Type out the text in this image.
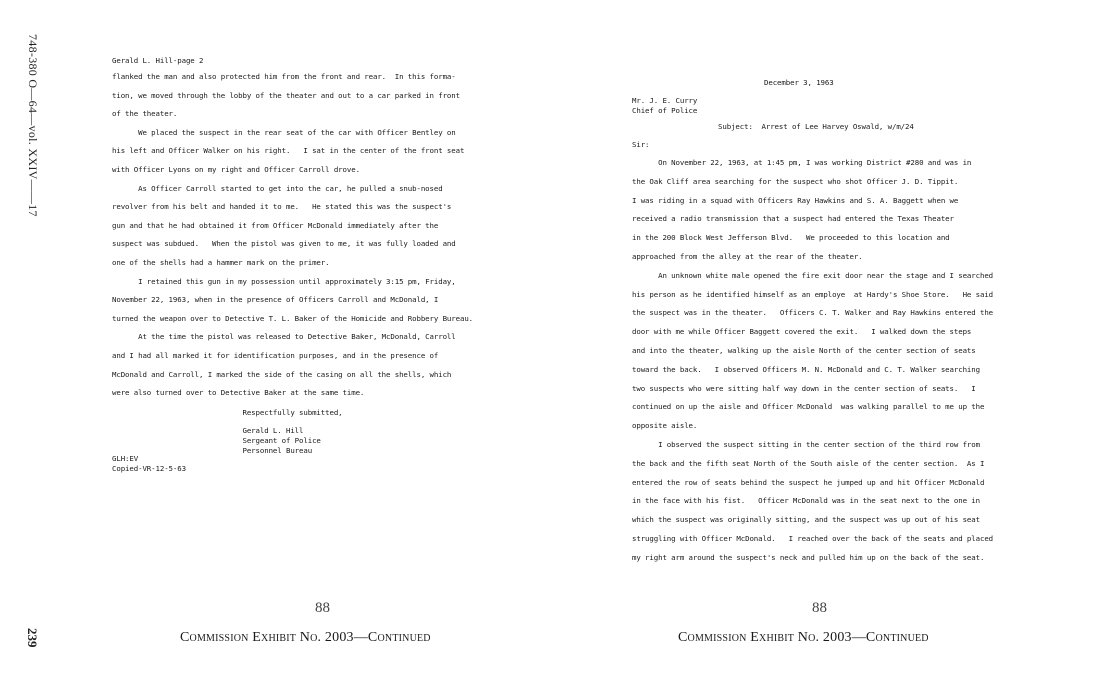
748-380 O—64—vol. XXIV——17
239
Gerald L. Hill-page 2
flanked the man and also protected him from the front and rear.  In this forma-
tion, we moved through the lobby of the theater and out to a car parked in front
of the theater.
We placed the suspect in the rear seat of the car with Officer Bentley on
his left and Officer Walker on his right.   I sat in the center of the front seat
with Officer Lyons on my right and Officer Carroll drove.
As Officer Carroll started to get into the car, he pulled a snub-nosed
revolver from his belt and handed it to me.   He stated this was the suspect's
gun and that he had obtained it from Officer McDonald immediately after the
suspect was subdued.   When the pistol was given to me, it was fully loaded and
one of the shells had a hammer mark on the primer.
I retained this gun in my possession until approximately 3:15 pm, Friday,
November 22, 1963, when in the presence of Officers Carroll and McDonald, I
turned the weapon over to Detective T. L. Baker of the Homicide and Robbery Bureau.
At the time the pistol was released to Detective Baker, McDonald, Carroll
and I had all marked it for identification purposes, and in the presence of
McDonald and Carroll, I marked the side of the casing on all the shells, which
were also turned over to Detective Baker at the same time.
Respectfully submitted,
Gerald L. Hill
Sergeant of Police
Personnel Bureau
GLH:EV
Copied-VR-12-5-63
December 3, 1963
Mr. J. E. Curry
Chief of Police
Subject:  Arrest of Lee Harvey Oswald, w/m/24
Sir:
On November 22, 1963, at 1:45 pm, I was working District #280 and was in
the Oak Cliff area searching for the suspect who shot Officer J. D. Tippit.
I was riding in a squad with Officers Ray Hawkins and S. A. Baggett when we
received a radio transmission that a suspect had entered the Texas Theater
in the 200 Block West Jefferson Blvd.   We proceeded to this location and
approached from the alley at the rear of the theater.
An unknown white male opened the fire exit door near the stage and I searched
his person as he identified himself as an employe  at Hardy's Shoe Store.   He said
the suspect was in the theater.   Officers C. T. Walker and Ray Hawkins entered the
door with me while Officer Baggett covered the exit.   I walked down the steps
and into the theater, walking up the aisle North of the center section of seats
toward the back.   I observed Officers M. N. McDonald and C. T. Walker searching
two suspects who were sitting half way down in the center section of seats.   I
continued on up the aisle and Officer McDonald  was walking parallel to me up the
opposite aisle.
I observed the suspect sitting in the center section of the third row from
the back and the fifth seat North of the South aisle of the center section.  As I
entered the row of seats behind the suspect he jumped up and hit Officer McDonald
in the face with his fist.   Officer McDonald was in the seat next to the one in
which the suspect was originally sitting, and the suspect was up out of his seat
struggling with Officer McDonald.   I reached over the back of the seats and placed
my right arm around the suspect's neck and pulled him up on the back of the seat.
88	88
Commission Exhibit No. 2003—Continued	Commission Exhibit No. 2003—Continued
